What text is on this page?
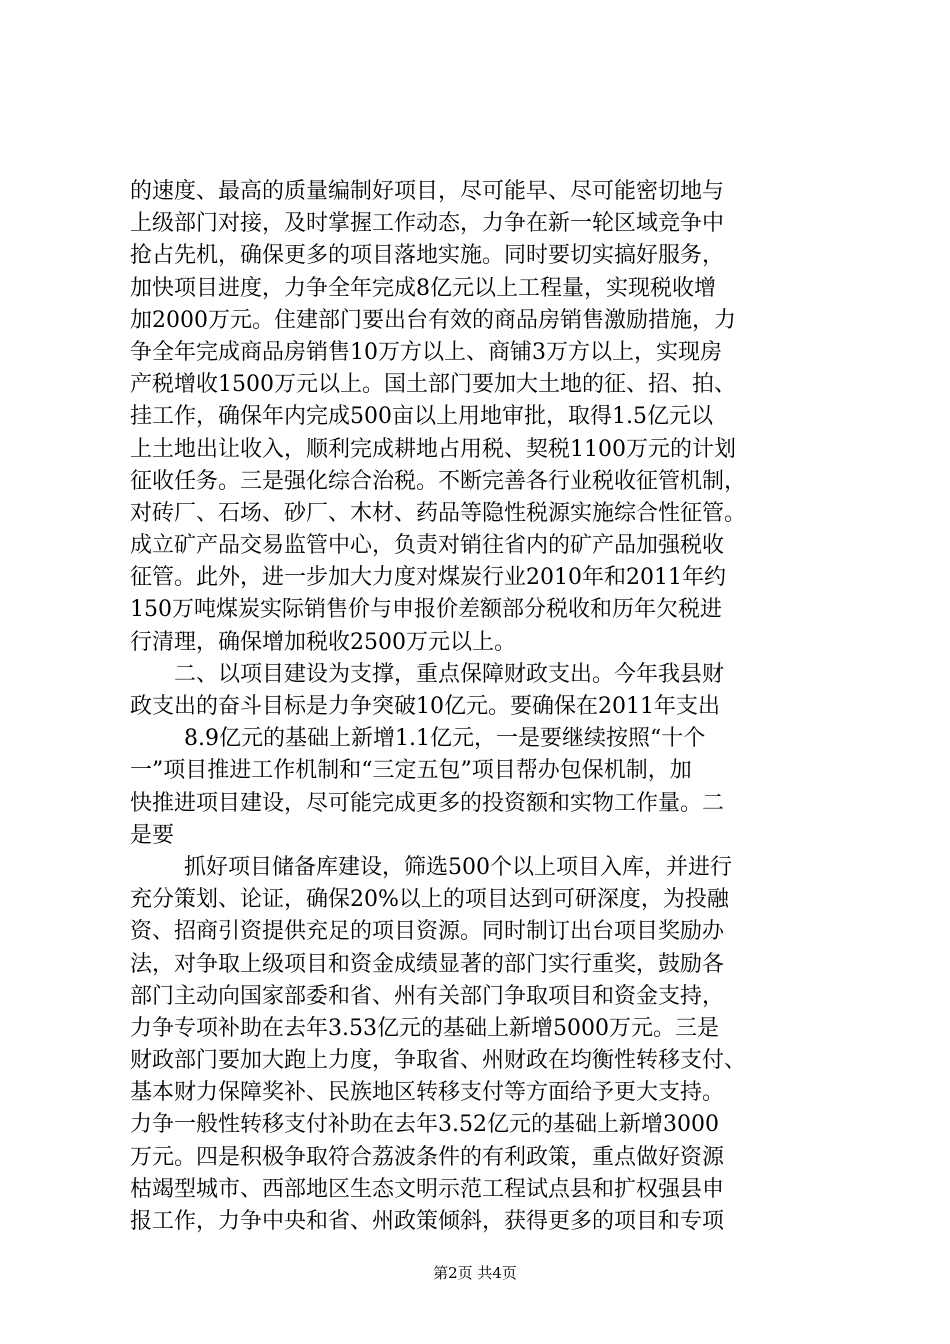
的速度、最高的质量编制好项目，尽可能早、尽可能密切地与
上级部门对接，及时掌握工作动态，力争在新一轮区域竞争中
抢占先机，确保更多的项目落地实施。同时要切实搞好服务，
加快项目进度，力争全年完成8亿元以上工程量，实现税收增
加2000万元。住建部门要出台有效的商品房销售激励措施，力
争全年完成商品房销售10万方以上、商铺3万方以上，实现房
产税增收1500万元以上。国土部门要加大土地的征、招、拍、
挂工作，确保年内完成500亩以上用地审批，取得1.5亿元以
上土地出让收入，顺利完成耕地占用税、契税1100万元的计划
征收任务。三是强化综合治税。不断完善各行业税收征管机制，
对砖厂、石场、砂厂、木材、药品等隐性税源实施综合性征管。
成立矿产品交易监管中心，负责对销往省内的矿产品加强税收
征管。此外，进一步加大力度对煤炭行业2010年和2011年约
150万吨煤炭实际销售价与申报价差额部分税收和历年欠税进
行清理，确保增加税收2500万元以上。
二、以项目建设为支撑，重点保障财政支出。今年我县财
政支出的奋斗目标是力争突破10亿元。要确保在2011年支出
8.9亿元的基础上新增1.1亿元，一是要继续按照“十个
一”项目推进工作机制和“三定五包”项目帮办包保机制，加
快推进项目建设，尽可能完成更多的投资额和实物工作量。二
是要
抓好项目储备库建设，筛选500个以上项目入库，并进行
充分策划、论证，确保20%以上的项目达到可研深度，为投融
资、招商引资提供充足的项目资源。同时制订出台项目奖励办
法，对争取上级项目和资金成绩显著的部门实行重奖，鼓励各
部门主动向国家部委和省、州有关部门争取项目和资金支持，
力争专项补助在去年3.53亿元的基础上新增5000万元。三是
财政部门要加大跑上力度，争取省、州财政在均衡性转移支付、
基本财力保障奖补、民族地区转移支付等方面给予更大支持。
力争一般性转移支付补助在去年3.52亿元的基础上新增3000
万元。四是积极争取符合荔波条件的有利政策，重点做好资源
枯竭型城市、西部地区生态文明示范工程试点县和扩权强县申
报工作，力争中央和省、州政策倾斜，获得更多的项目和专项
第2页 共4页
